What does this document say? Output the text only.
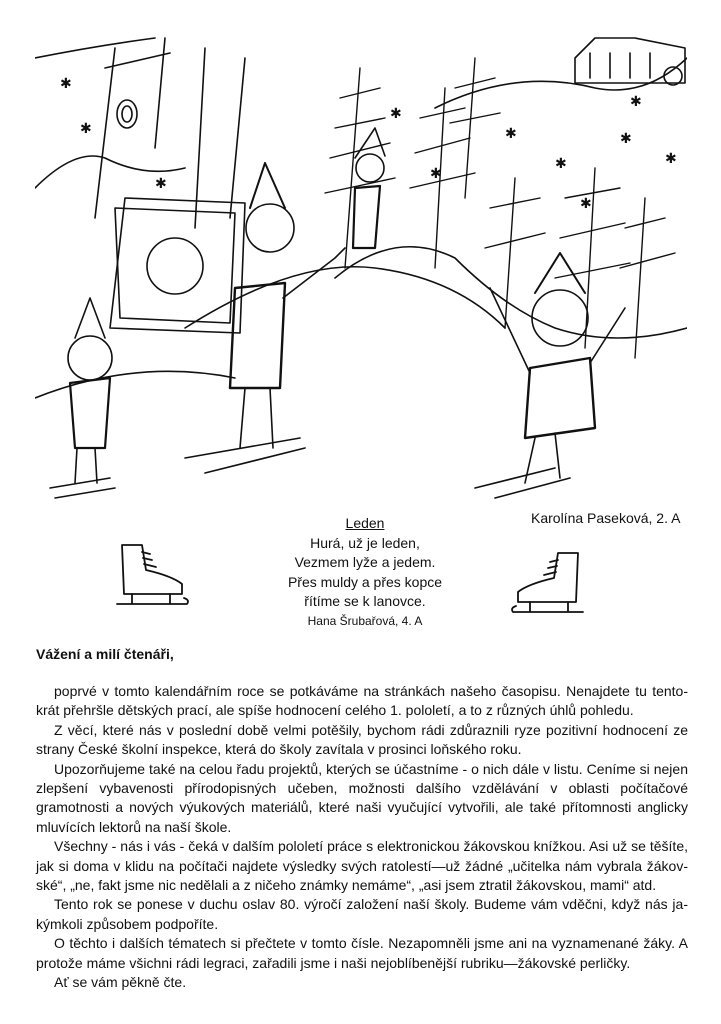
✱
✱
✱
✱
✱
✱
✱
✱
✱
✱
✱
Karolína Paseková, 2. A
Leden
Hurá, už je leden,
Vezmem lyže a jedem.
Přes muldy a přes kopce
řítíme se k lanovce.
Hana Šrubařová, 4. A
Vážení a milí čtenáři,

poprvé v tomto kalendářním roce se potkáváme na stránkách našeho časopisu. Nenajdete tu tento-krát přehršle dětských prací, ale spíše hodnocení celého 1. pololetí, a to z různých úhlů pohledu.

Z věcí, které nás v poslední době velmi potěšily, bychom rádi zdůraznili ryze pozitivní hodnocení ze strany České školní inspekce, která do školy zavítala v prosinci loňského roku.

Upozorňujeme také na celou řadu projektů, kterých se účastníme - o nich dále v listu. Ceníme si nejen zlepšení vybavenosti přírodopisných učeben, možnosti dalšího vzdělávání v oblasti počítačové gramotnosti a nových výukových materiálů, které naši vyučující vytvořili, ale také přítomnosti anglicky mluvících lektorů na naší škole.

Všechny - nás i vás - čeká v dalším pololetí práce s elektronickou žákovskou knížkou. Asi už se těšíte, jak si doma v klidu na počítači najdete výsledky svých ratolestí—už žádné „učitelka nám vybrala žákov-ské“, „ne, fakt jsme nic nedělali a z ničeho známky nemáme“, „asi jsem ztratil žákovskou, mami“ atd.

Tento rok se ponese v duchu oslav 80. výročí založení naší školy. Budeme vám vděčni, když nás ja-kýmkoli způsobem podpoříte.

O těchto i dalších tématech si přečtete v tomto čísle. Nezapomněli jsme ani na vyznamenané žáky. A protože máme všichni rádi legraci, zařadili jsme i naši nejoblíbenější rubriku—žákovské perličky.

Ať se vám pěkně čte.
